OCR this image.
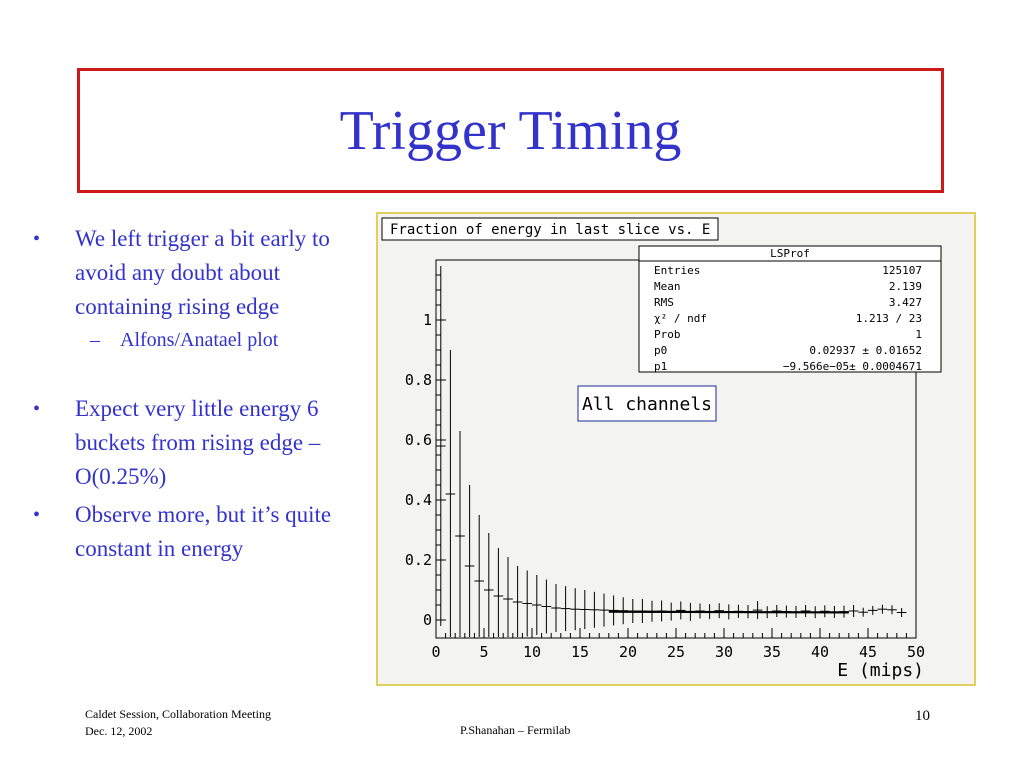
Trigger Timing
• We left trigger a bit early to avoid any doubt about containing rising edge
– Alfons/Anatael plot
• Expect very little energy 6 buckets from rising edge – O(0.25%)
• Observe more, but it’s quite constant in energy
0
0.2
0.4
0.6
0.8
1
0	5 10 15 20 25 30 35 40 45 50
Fraction of energy in last slice vs. E
LSProf
Entries	125107
Mean	2.139
RMS	3.427
χ² / ndf	1.213 / 23
Prob	1
p0	0.02937 ± 0.01652
p1	−9.566e−05± 0.0004671
All channels
E (mips)
Caldet Session, Collaboration Meeting
Dec. 12, 2002	P.Shanahan – Fermilab
10
